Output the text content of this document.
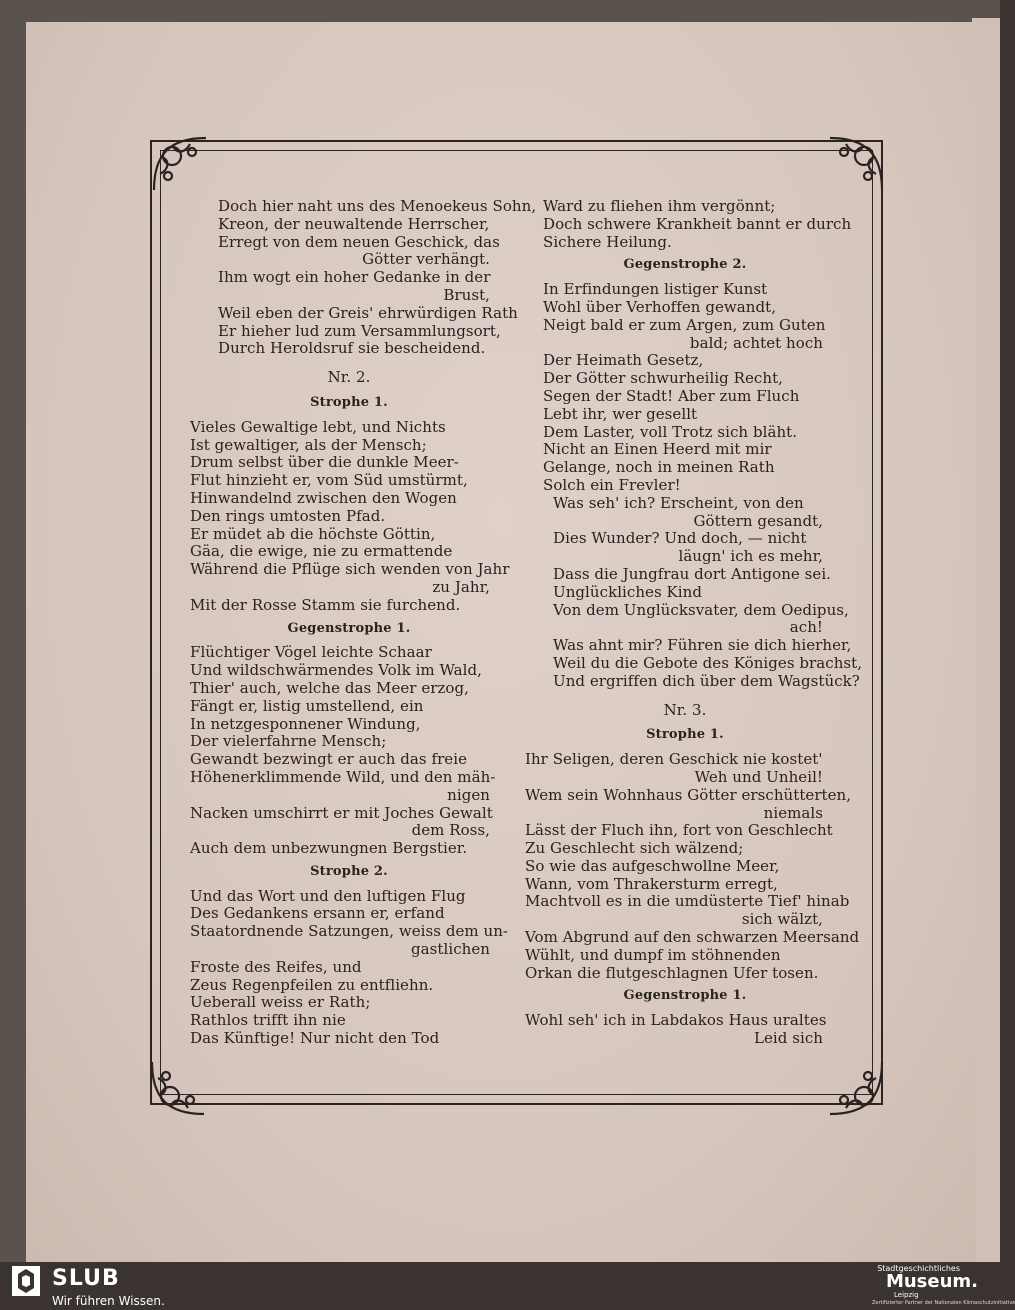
Doch hier naht uns des Menoekeus Sohn,
Kreon, der neuwaltende Herrscher,
Erregt von dem neuen Geschick, das
Götter verhängt.
Ihm wogt ein hoher Gedanke in der
Brust,
Weil eben der Greis' ehrwürdigen Rath
Er hieher lud zum Versammlungsort,
Durch Heroldsruf sie bescheidend.
Nr. 2.
Strophe 1.
Vieles Gewaltige lebt, und Nichts
Ist gewaltiger, als der Mensch;
Drum selbst über die dunkle Meer-
Flut hinzieht er, vom Süd umstürmt,
Hinwandelnd zwischen den Wogen
Den rings umtosten Pfad.
Er müdet ab die höchste Göttin,
Gäa, die ewige, nie zu ermattende
Während die Pflüge sich wenden von Jahr
zu Jahr,
Mit der Rosse Stamm sie furchend.
Gegenstrophe 1.
Flüchtiger Vögel leichte Schaar
Und wildschwärmendes Volk im Wald,
Thier' auch, welche das Meer erzog,
Fängt er, listig umstellend, ein
In netzgesponnener Windung,
Der vielerfahrne Mensch;
Gewandt bezwingt er auch das freie
Höhenerklimmende Wild, und den mäh-
nigen
Nacken umschirrt er mit Joches Gewalt
dem Ross,
Auch dem unbezwungnen Bergstier.
Strophe 2.
Und das Wort und den luftigen Flug
Des Gedankens ersann er, erfand
Staatordnende Satzungen, weiss dem un-
gastlichen
Froste des Reifes, und
Zeus Regenpfeilen zu entfliehn.
Ueberall weiss er Rath;
Rathlos trifft ihn nie
Das Künftige! Nur nicht den Tod
Ward zu fliehen ihm vergönnt;
Doch schwere Krankheit bannt er durch
Sichere Heilung.
Gegenstrophe 2.
In Erfindungen listiger Kunst
Wohl über Verhoffen gewandt,
Neigt bald er zum Argen, zum Guten
bald; achtet hoch
Der Heimath Gesetz,
Der Götter schwurheilig Recht,
Segen der Stadt! Aber zum Fluch
Lebt ihr, wer gesellt
Dem Laster, voll Trotz sich bläht.
Nicht an Einen Heerd mit mir
Gelange, noch in meinen Rath
Solch ein Frevler!
Was seh' ich? Erscheint, von den
Göttern gesandt,
Dies Wunder? Und doch, — nicht
läugn' ich es mehr,
Dass die Jungfrau dort Antigone sei.
Unglückliches Kind
Von dem Unglücksvater, dem Oedipus,
ach!
Was ahnt mir? Führen sie dich hierher,
Weil du die Gebote des Königes brachst,
Und ergriffen dich über dem Wagstück?
Nr. 3.
Strophe 1.
Ihr Seligen, deren Geschick nie kostet'
Weh und Unheil!
Wem sein Wohnhaus Götter erschütterten,
niemals
Lässt der Fluch ihn, fort von Geschlecht
Zu Geschlecht sich wälzend;
So wie das aufgeschwollne Meer,
Wann, vom Thrakersturm erregt,
Machtvoll es in die umdüsterte Tief' hinab
sich wälzt,
Vom Abgrund auf den schwarzen Meersand
Wühlt, und dumpf im stöhnenden
Orkan die flutgeschlagnen Ufer tosen.
Gegenstrophe 1.
Wohl seh' ich in Labdakos Haus uraltes
Leid sich
SLUB
Wir führen Wissen.
Stadtgeschichtliches
Museum.
Leipzig
Zertifizierter Partner der Nationalen Klimaschutzinitiative
